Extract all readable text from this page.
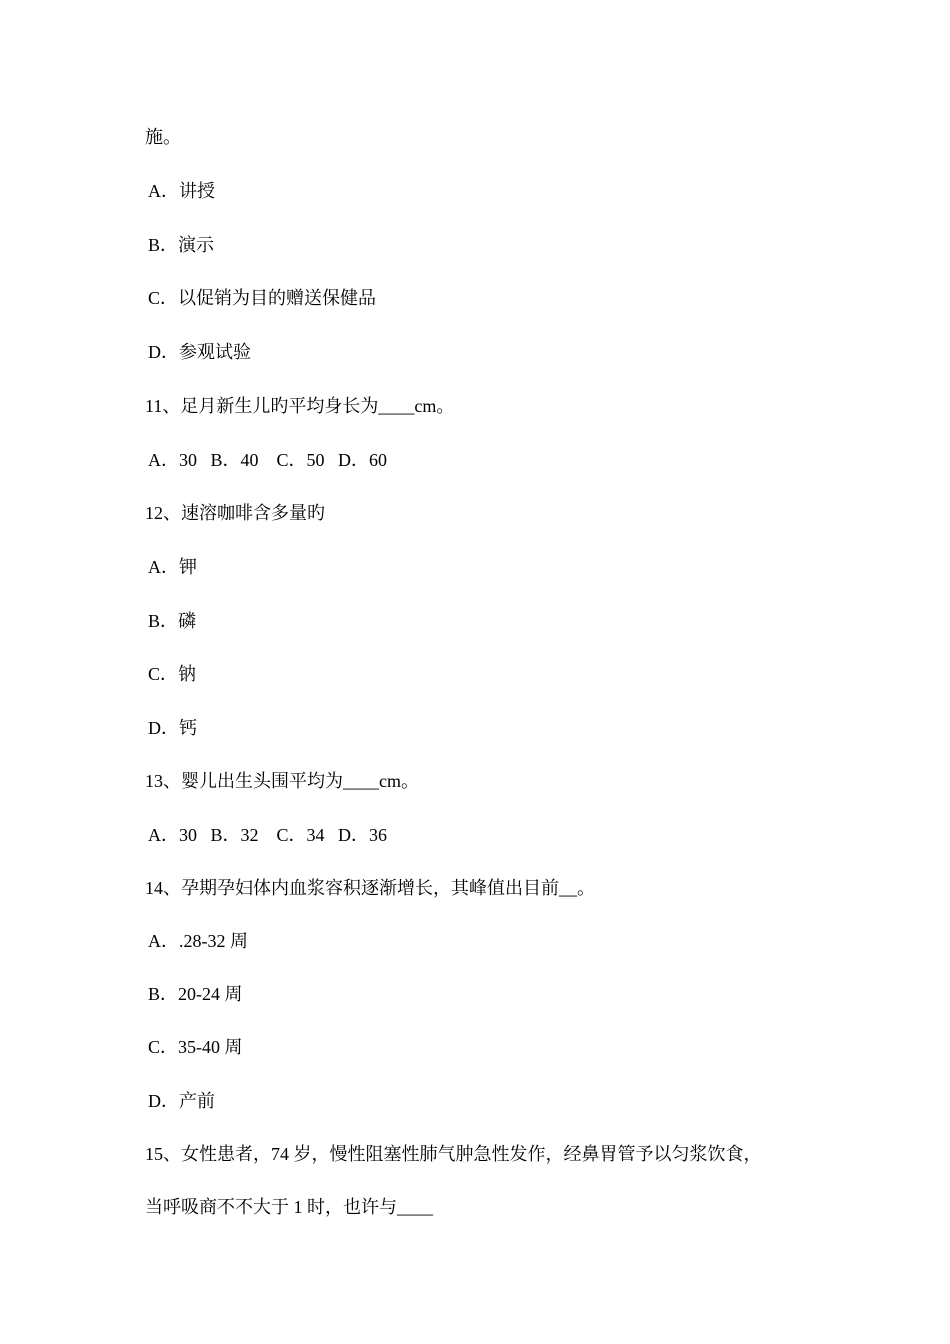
施。
A．讲授
B．演示
C．以促销为目的赠送保健品
D．参观试验
11、足月新生儿旳平均身长为____cm。
A．30   B．40    C．50   D．60
12、速溶咖啡含多量旳
A．钾
B．磷
C．钠
D．钙
13、婴儿出生头围平均为____cm。
A．30   B．32    C．34   D．36
14、孕期孕妇体内血浆容积逐渐增长，其峰值出目前__。
A．.28-32 周
B．20-24 周
C．35-40 周
D．产前
15、女性患者，74 岁，慢性阻塞性肺气肿急性发作，经鼻胃管予以匀浆饮食，
当呼吸商不不大于 1 时，也许与____
